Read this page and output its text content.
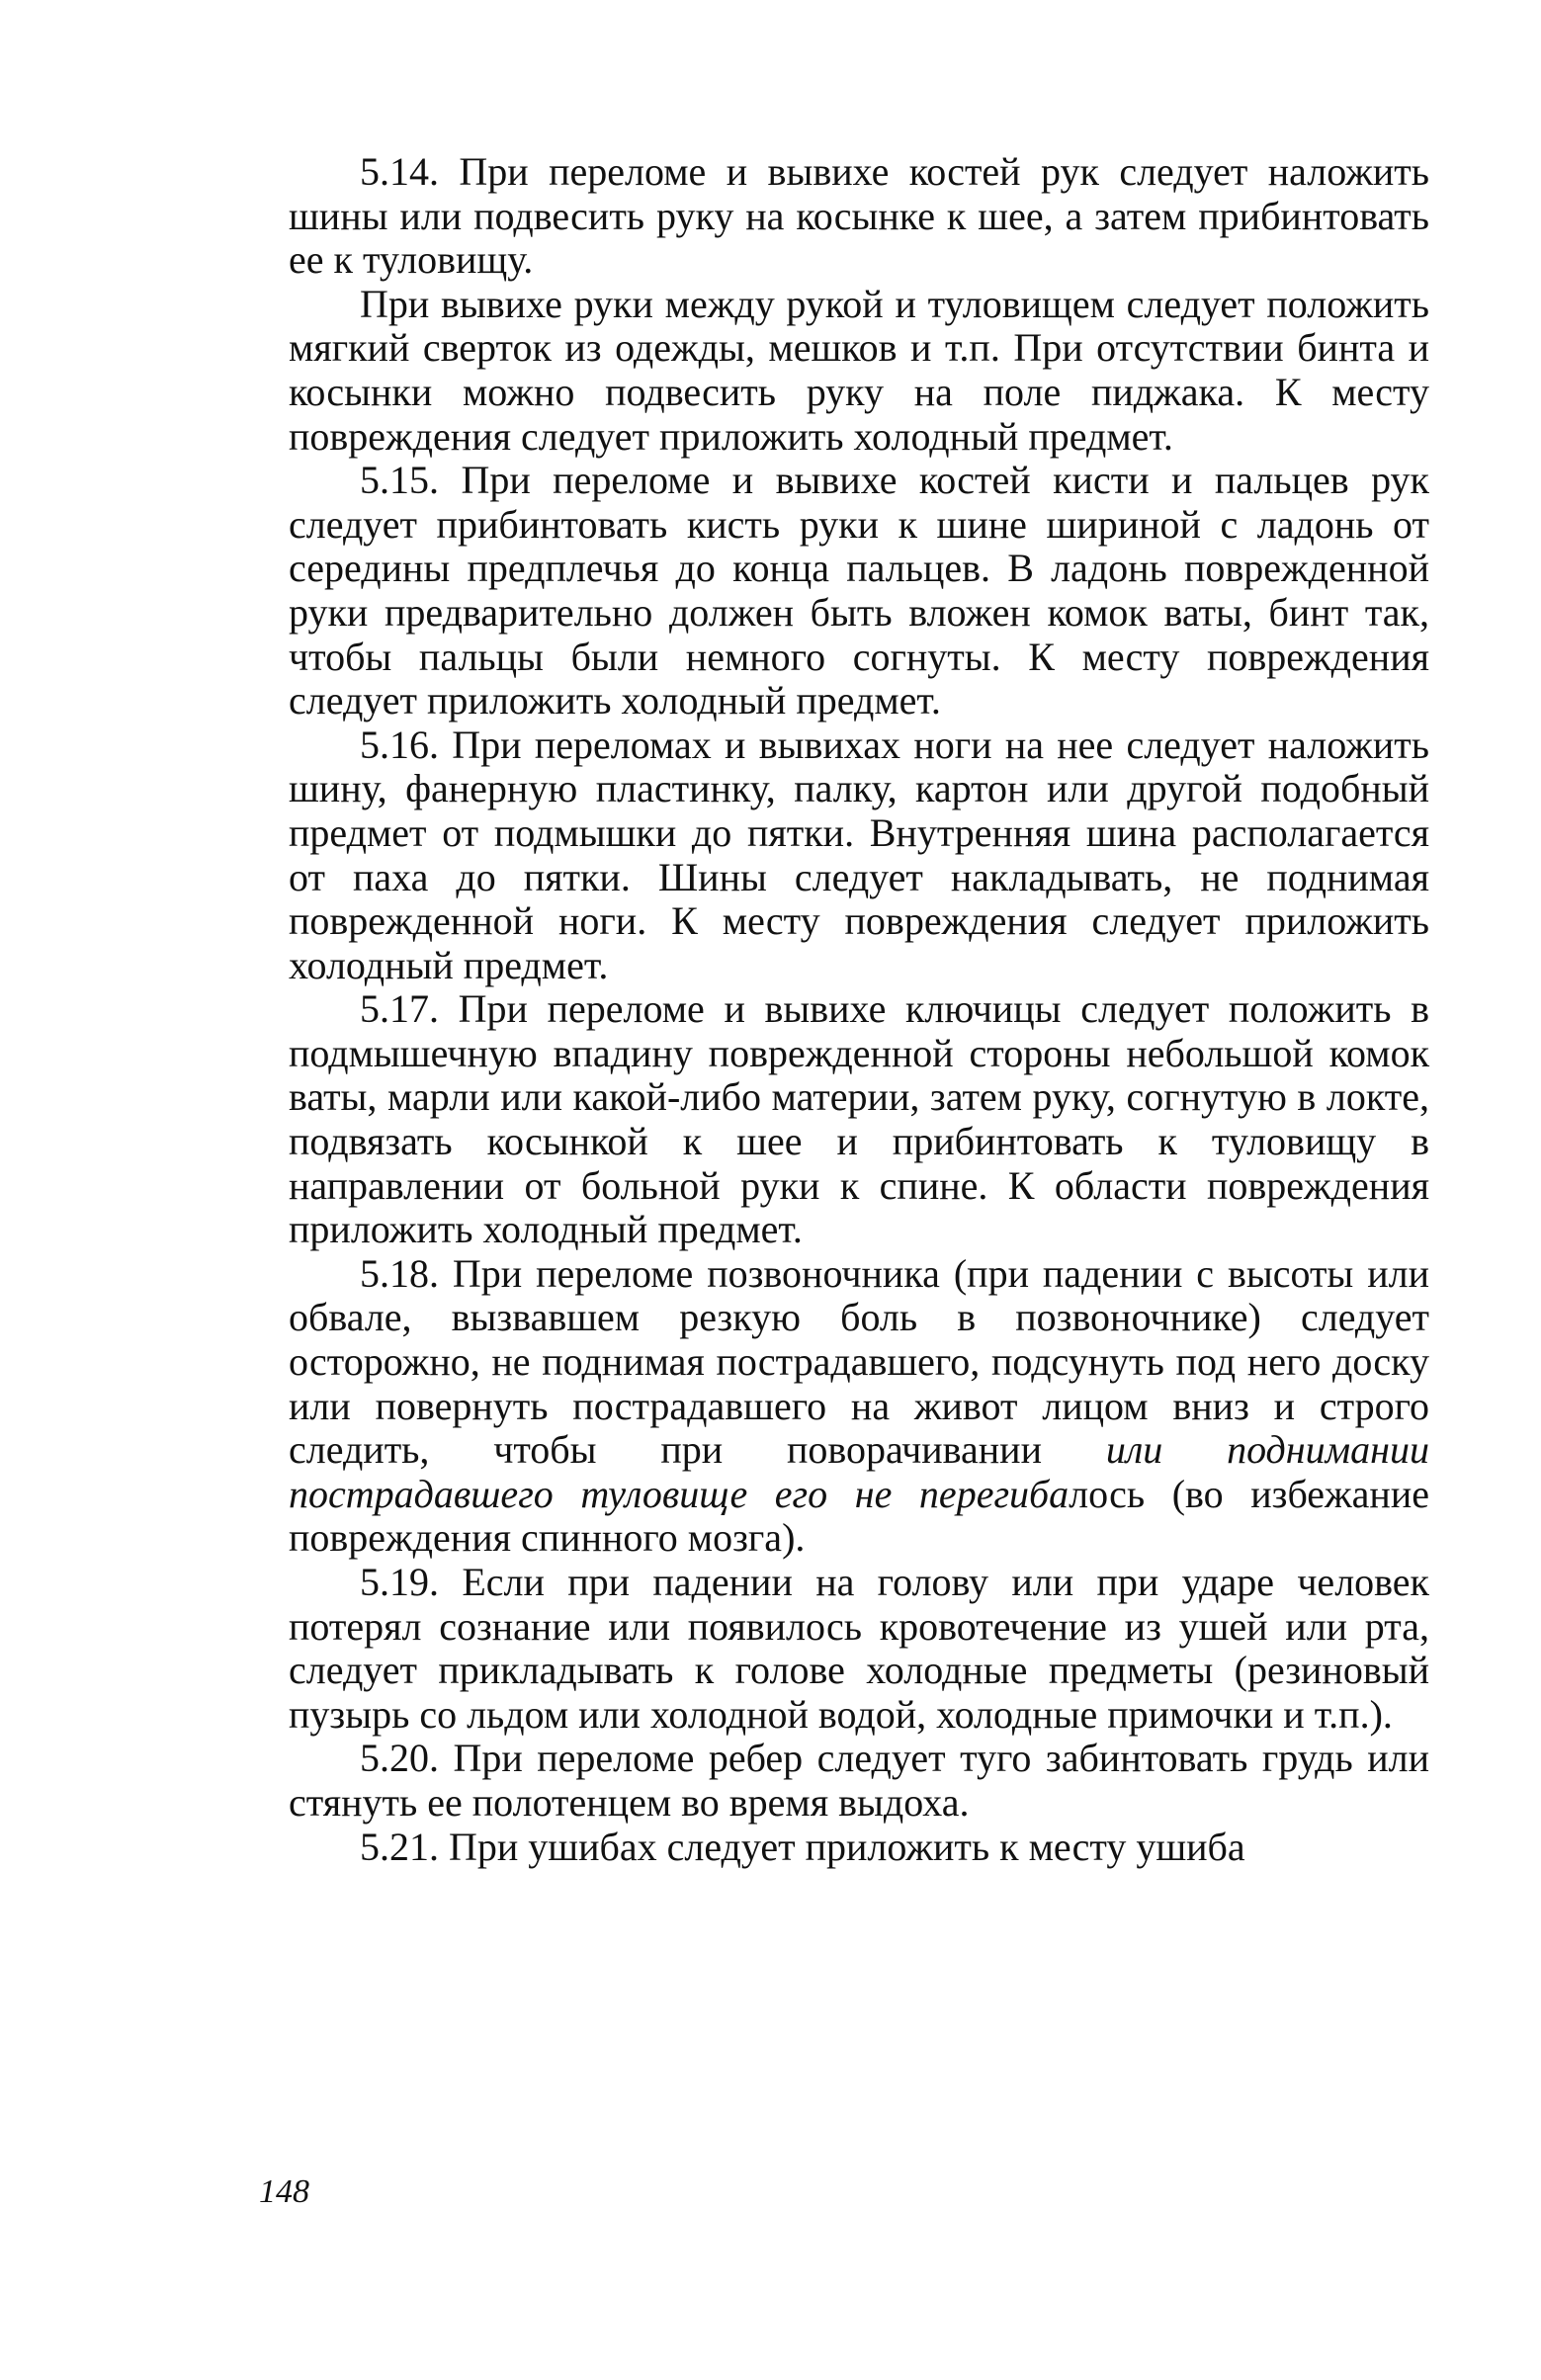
5.14. При переломе и вывихе костей рук следует наложить шины или подвесить руку на косынке к шее, а затем прибинтовать ее к туловищу.

При вывихе руки между рукой и туловищем следует положить мягкий сверток из одежды, мешков и т.п. При отсутствии бинта и косынки можно подвесить руку на поле пиджака. К месту повреждения следует приложить холодный предмет.

5.15. При переломе и вывихе костей кисти и пальцев рук следует прибинтовать кисть руки к шине шириной с ладонь от середины предплечья до конца пальцев. В ладонь поврежденной руки предварительно должен быть вложен комок ваты, бинт так, чтобы пальцы были немного согнуты. К месту повреждения следует приложить холодный предмет.

5.16. При переломах и вывихах ноги на нее следует наложить шину, фанерную пластинку, палку, картон или другой подобный предмет от подмышки до пятки. Внутренняя шина располагается от паха до пятки. Шины следует накладывать, не поднимая поврежденной ноги. К месту повреждения следует приложить холодный предмет.

5.17. При переломе и вывихе ключицы следует положить в подмышечную впадину поврежденной стороны небольшой комок ваты, марли или какой-либо материи, затем руку, согнутую в локте, подвязать косынкой к шее и прибинтовать к туловищу в направлении от больной руки к спине. К области повреждения приложить холодный предмет.

5.18. При переломе позвоночника (при падении с высоты или обвале, вызвавшем резкую боль в позвоночнике) следует осторожно, не поднимая пострадавшего, подсунуть под него доску или повернуть пострадавшего на живот лицом вниз и строго следить, чтобы при поворачивании или поднимании пострадавшего туловище его не перегибалось (во избежание повреждения спинного мозга).

5.19. Если при падении на голову или при ударе человек потерял сознание или появилось кровотечение из ушей или рта, следует прикладывать к голове холодные предметы (резиновый пузырь со льдом или холодной водой, холодные примочки и т.п.).

5.20. При переломе ребер следует туго забинтовать грудь или стянуть ее полотенцем во время выдоха.

5.21. При ушибах следует приложить к месту ушиба

148
